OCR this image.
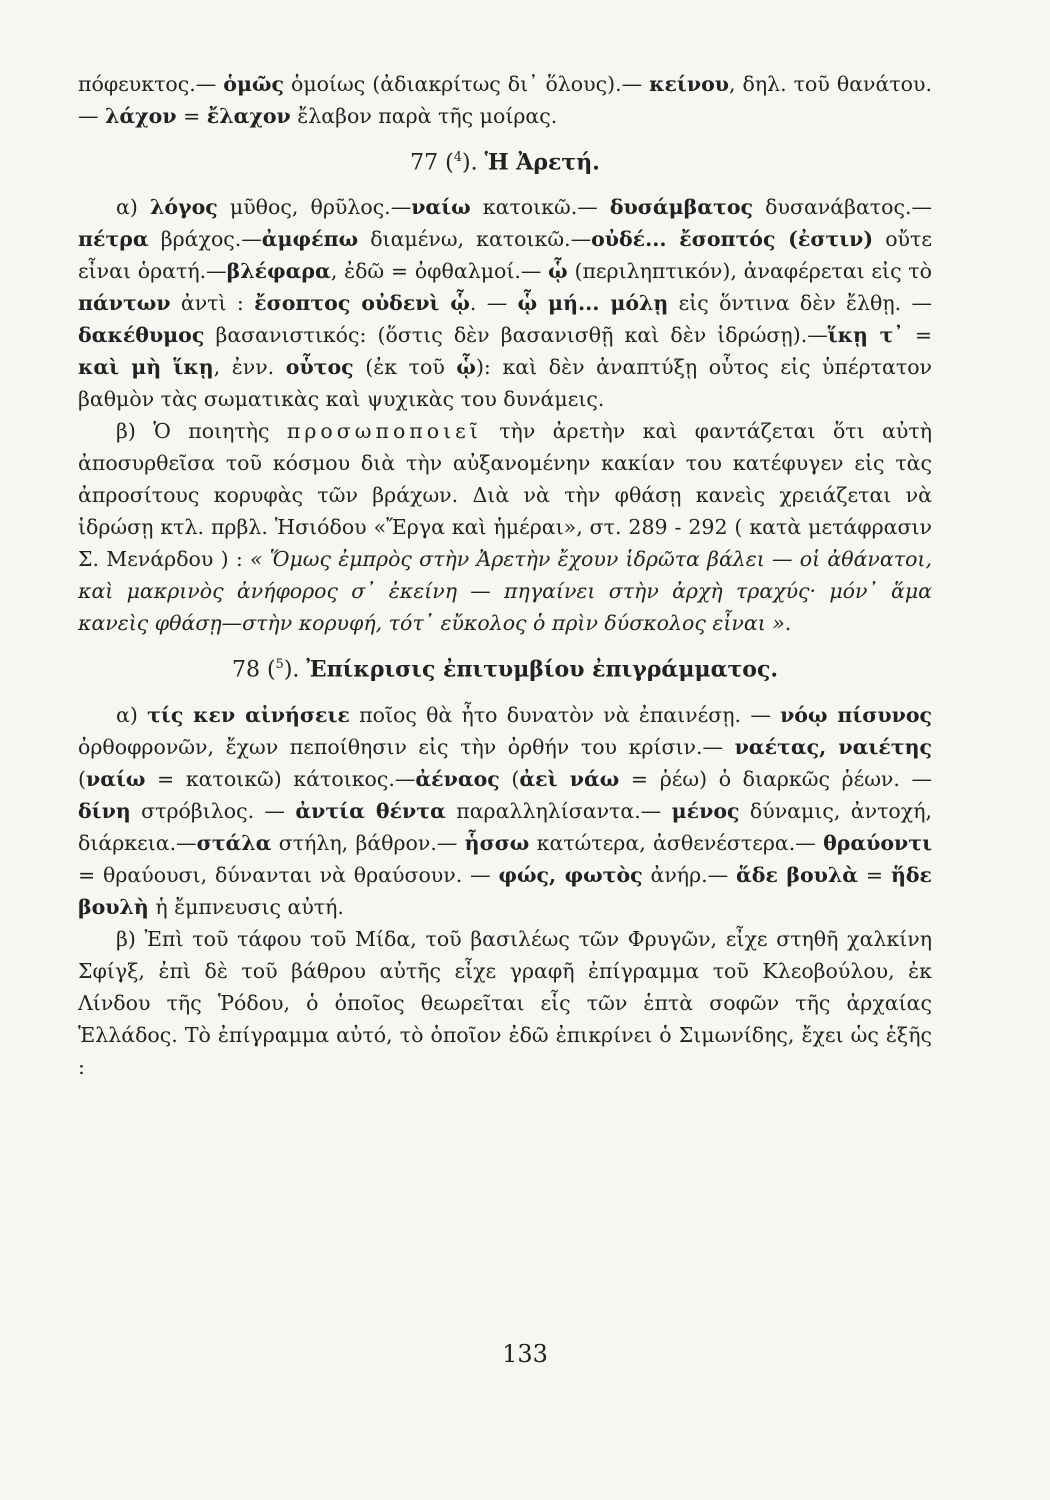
πόφευκτος.— ὁμῶς ὁμοίως (ἀδιακρίτως δι᾿ ὅλους).— κείνου, δηλ. τοῦ θανάτου.— λάχον = ἔλαχον ἔλαβον παρὰ τῆς μοίρας.

77 ($^4$). Ἡ Ἀρετή.

α) λόγος μῦθος, θρῦλος.—ναίω κατοικῶ.— δυσάμβατος δυσανάβατος.—πέτρα βράχος.—ἀμφέπω διαμένω, κατοικῶ.—οὐδέ... ἔσοπτός (ἐστιν) οὔτε εἶναι ὁρατή.—βλέφαρα, ἐδῶ = ὀφθαλμοί.— ᾧ (περιληπτικόν), ἀναφέρεται εἰς τὸ πάντων ἀντὶ : ἔσοπτος οὐδενὶ ᾧ. — ᾧ μή... μόλῃ εἰς ὅντινα δὲν ἔλθῃ. — δακέθυμος βασανιστικός: (ὅστις δὲν βασανισθῇ καὶ δὲν ἱδρώσῃ).—ἵκῃ τ᾿ = καὶ μὴ ἵκῃ, ἐνν. οὗτος (ἐκ τοῦ ᾧ): καὶ δὲν ἀναπτύξῃ οὗτος εἰς ὑπέρτατον βαθμὸν τὰς σωματικὰς καὶ ψυχικὰς του δυνάμεις.

β) Ὁ ποιητὴς προσωποποιεῖ τὴν ἀρετὴν καὶ φαντάζεται ὅτι αὐτὴ ἀποσυρθεῖσα τοῦ κόσμου διὰ τὴν αὐξανομένην κακίαν του κατέφυγεν εἰς τὰς ἀπροσίτους κορυφὰς τῶν βράχων. Διὰ νὰ τὴν φθάσῃ κανεὶς χρειάζεται νὰ ἱδρώσῃ κτλ. πρβλ. Ἡσιόδου «Ἔργα καὶ ἡμέραι», στ. 289 - 292 ( κατὰ μετάφρασιν Σ. Μενάρδου ) : « Ὅμως ἐμπρὸς στὴν Ἀρετὴν ἔχουν ἱδρῶτα βάλει — οἱ ἀθάνατοι, καὶ μακρινὸς ἀνήφορος σ᾿ ἐκείνη — πηγαίνει στὴν ἀρχὴ τραχύς· μόν᾿ ἅμα κανεὶς φθάσῃ—στὴν κορυφή, τότ᾿ εὔκολος ὁ πρὶν δύσκολος εἶναι ».

78 ($^5$). Ἐπίκρισις ἐπιτυμβίου ἐπιγράμματος.

α) τίς κεν αἰνήσειε ποῖος θὰ ἦτο δυνατὸν νὰ ἐπαινέσῃ. — νόῳ πίσυνος ὀρθοφρονῶν, ἔχων πεποίθησιν εἰς τὴν ὀρθήν του κρίσιν.— ναέτας, ναιέτης (ναίω = κατοικῶ) κάτοικος.—ἀέναος (ἀεὶ νάω = ῥέω) ὁ διαρκῶς ῥέων. — δίνη στρόβιλος. — ἀντία θέντα παραλληλίσαντα.— μένος δύναμις, ἀντοχή, διάρκεια.—στάλα στήλη, βάθρον.— ἧσσω κατώτερα, ἀσθενέστερα.— θραύοντι = θραύουσι, δύνανται νὰ θραύσουν. — φώς, φωτὸς ἀνήρ.— ἅδε βουλὰ = ἥδε βουλὴ ἡ ἔμπνευσις αὐτή.

β) Ἐπὶ τοῦ τάφου τοῦ Μίδα, τοῦ βασιλέως τῶν Φρυγῶν, εἶχε στηθῆ χαλκίνη Σφίγξ, ἐπὶ δὲ τοῦ βάθρου αὐτῆς εἶχε γραφῆ ἐπίγραμμα τοῦ Κλεοβούλου, ἐκ Λίνδου τῆς Ῥόδου, ὁ ὁποῖος θεωρεῖται εἷς τῶν ἑπτὰ σοφῶν τῆς ἀρχαίας Ἑλλάδος. Τὸ ἐπίγραμμα αὐτό, τὸ ὁποῖον ἐδῶ ἐπικρίνει ὁ Σιμωνίδης, ἔχει ὡς ἑξῆς :

133
